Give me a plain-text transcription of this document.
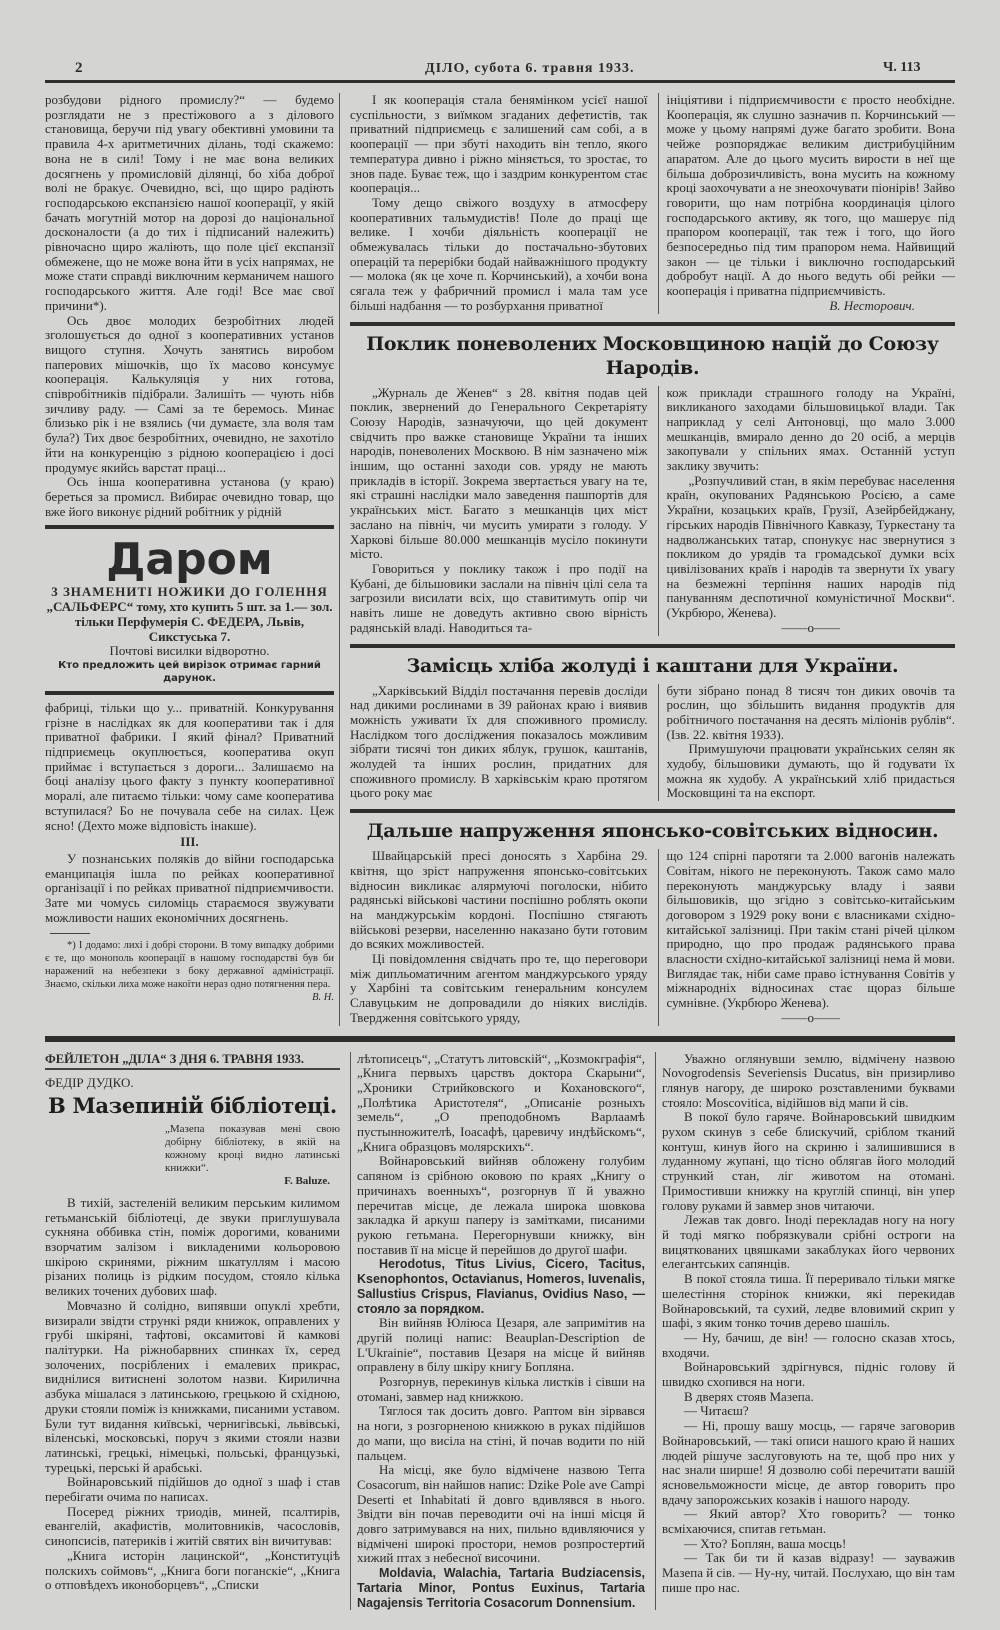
2	ДІЛО, субота 6. травня 1933.	Ч. 113

розбудови рідного промислу?“ — будемо розглядати не з престіжового а з ділового становища, беручи під увагу обективні умовини та правила 4-х аритметичних ділань, тоді скажемо: вона не в силі! Тому і не має вона великих досягнень у промисловій ділянці, бо хіба доброї волі не бракує. Очевидно, всі, що щиро радіють господарською експанзією нашої кооперації, у якій бачать могутній мотор на дорозі до національної досконалости (а до тих і підписаний належить) рівночасно щиро жаліють, що поле цієї експанзії обмежене, що не може вона йти в усіх напрямах, не може стати справді виключним керманичем нашого господарського життя. Але годі! Все має свої причини*).

Ось двоє молодих безробітних людей зголошується до одної з кооперативних установ вищого ступня. Хочуть занятись виробом паперових мішочків, що їх масово консумує кооперація. Калькуляція у них готова, співробітників підібрали. Залишіть — чують нібв зичливу раду. — Самі за те беремось. Минає близько рік і не взялись (чи думаєте, зла воля там була?) Тих двоє безробітних, очевидно, не захотіло йти на конкуренцію з рідною кооперацією і досі продумує якийсь варстат праці...

Ось інша кооперативна установа (у краю) береться за промисл. Вибирає очевидно товар, що вже його виконує рідний робітник у рідній

Даром
3 ЗНАМЕНИТІ НОЖИКИ ДО ГОЛЕННЯ
„САЛЬФЕРС“ тому, хто купить 5 шт. за 1.— зол.
тільки Перфумерія С. ФЕДЕРА, Львів,
Сикстуська 7.
Почтові висилки відворотно.
Кто предложить цей вирізок отримає гарний дарунок.

фабриці, тільки що у... приватній. Конкурування грізне в наслідках як для кооперативи так і для приватної фабрики. І який фінал? Приватний підприємець окуплюється, кооператива окуп приймає і вступається з дороги... Залишаємо на боці аналізу цього факту з пункту кооперативної моралі, але питаємо тільки: чому саме кооператива вступилася? Бо не почувала себе на силах. Цеж ясно! (Дехто може відповість інакше).

III.

У познанських поляків до війни господарська еманципація ішла по рейках кооперативної організації і по рейках приватної підприємчивости. Зате ми чомусь силоміць стараємося звужувати можливости наших економічних досягнень.

*) І додамо: лихі і добрі сторони. В тому випадку добрими є те, що монополь кооперації в нашому господарстві був би наражений на небезпеки з боку державної адміністрації. Знаємо, скільки лиха може накоїти нераз одно потягнення пера.

В. Н.

І як кооперація стала бенямінком усієї нашої суспільности, з виїмком згаданих дефетистів, так приватний підприємець є залишений сам собі, а в кооперації — при збуті находить він тепло, якого температура дивно і ріжно міняється, то зростає, то знов паде. Буває теж, що і заздрим конкурентом стає кооперація...

Тому дещо свіжого воздуху в атмосферу кооперативних тальмудистів! Поле до праці ще велике. І хочби діяльність кооперації не обмежувалась тільки до постачально-збутових операцій та перерібки бодай найважнішого продукту — молока (як це хоче п. Корчинський), а хочби вона сягала теж у фабричний промисл і мала там усе більші надбання — то розбурхання приватної

ініціятиви і підприємчивости є просто необхідне. Кооперація, як слушно зазначив п. Корчинський — може у цьому напрямі дуже багато зробити. Вона чейже розпоряджає великим дистрибуційним апаратом. Але до цього мусить вирости в неї ще більша доброзичливість, вона мусить на кожному кроці заохочувати а не знеохочувати піонірів! Зайво говорити, що нам потрібна координація цілого господарського активу, як того, що машерує під прапором кооперації, так теж і того, що його безпосередньо під тим прапором нема. Найвищий закон — це тільки і виключно господарський добробут нації. А до нього ведуть обі рейки — кооперація і приватна підприємчивість.

В. Несторович.
Поклик поневолених Московщиною націй до Союзу Народів.

„Журналь де Женев“ з 28. квітня подав цей поклик, звернений до Генерального Секретаріяту Союзу Народів, зазначуючи, що цей документ свідчить про важке становище України та інших народів, поневолених Москвою. В нім зазначено між іншим, що останні заходи сов. уряду не мають прикладів в історії. Зокрема звертається увагу на те, які страшні наслідки мало заведення пашпортів для українських міст. Багато з мешканців цих міст заслано на північ, чи мусить умирати з голоду. У Харкові більше 80.000 мешканців мусіло покинути місто.

Говориться у поклику також і про події на Кубані, де більшовики заслали на північ цілі села та загрозили висилати всіх, що ставитимуть опір чи навіть лише не доведуть активно свою вірність радянській владі. Наводиться та-

кож приклади страшного голоду на Україні, викликаного заходами більшовицької влади. Так наприклад у селі Антоновці, що мало 3.000 мешканців, вмирало денно до 20 осіб, а мерців закопували у спільних ямах. Останній уступ заклику звучить:

„Розпучливий стан, в якім перебуває населення країн, окупованих Радянською Росією, а саме України, козацьких країв, Грузії, Азейрбейджану, гірських народів Північного Кавказу, Туркестану та надволжанських татар, спонукує нас звернутися з покликом до урядів та громадської думки всіх цивілізованих країв і народів та звернути їх увагу на безмежні терпіння наших народів під пануванням деспотичної комуністичної Москви“. (Укрбюро, Женева).

——o——
Замісць хліба жолуді і каштани для України.

„Харківський Відділ постачання перевів досліди над дикими рослинами в 39 районах краю і виявив можність уживати їх для споживного промислу. Наслідком того досліджения показалось можливим зібрати тисячі тон диких яблук, грушок, каштанів, жолудей та інших рослин, придатних для споживного промислу. В харківськім краю протягом цього року має

бути зібрано понад 8 тисяч тон диких овочів та рослин, що збільшить видання продуктів для робітничого постачання на десять міліонів рублів“. (Ізв. 22. квітня 1933).

Примушуючи працювати українських селян як худобу, більшовики думають, що й годувати їх можна як худобу. А український хліб придасться Московщині та на експорт.

Дальше напруження японсько-совітських відносин.

Швайцарській пресі доносять з Харбіна 29. квітня, що зріст напруження японсько-совітських відносин викликає алярмуючі поголоски, нібито радянські військові частини поспішно роблять окопи на манджурськім кордоні. Поспішно стягають військові резерви, населенню наказано бути готовим до всяких можливостей.

Ці повідомлення свідчать про те, що переговори між дипльоматичним агентом манджурського уряду у Харбіні та совітським генеральним консулем Славуцьким не допровадили до ніяких вислідів. Твердження совітського уряду,

що 124 спірні паротяги та 2.000 вагонів належать Совітам, нікого не переконують. Також само мало переконують манджурську владу і заяви більшовиків, що згідно з совітсько-китайським договором з 1929 року вони є власниками східно-китайської залізниці. При такім стані річей цілком природно, що про продаж радянського права власности східно-китайської залізниці нема й мови. Виглядає так, ніби саме право істнування Совітів у міжнародніх відносинах стає щораз більше сумнівне. (Укрбюро Женева).

——o——
ФЕЙЛЕТОН „ДІЛА“ З ДНЯ 6. ТРАВНЯ 1933.
ФЕДІР ДУДКО.
В Мазепиній бібліотеці.

„Мазепа показував мені свою добірну бібліотеку, в якій на кожному кроці видно латинські книжки“.

F. Baluze.

В тихій, застеленій великим перським килимом гетьманській бібліотеці, де звуки приглушувала сукняна оббивка стін, поміж дорогими, кованими взорчатим залізом і викладеними кольоровою шкірою скринями, ріжним шкатуллям і масою різаних полиць із рідким посудом, стояло кілька великих точених дубових шаф.

Мовчазно й солідно, випявши опуклі хребти, визирали звідти стрункі ряди книжок, оправлених у грубі шкіряні, тафтові, оксамитові й камкові палітурки. На ріжнобарвних спинках їх, серед золочених, посріблених і емалевих прикрас, виднілися витиснені золотом назви. Кирилична азбука мішалася з латинською, грецькою й східною, друки стояли поміж із книжками, писаними уставом. Були тут видання київські, чернигівські, львівські, віленські, московські, поруч з якими стояли назви латинські, грецькі, німецькі, польські, французькі, турецькі, перські й арабські.

Войнаровський підійшов до одної з шаф і став перебігати очима по написах.

Посеред ріжних триодів, миней, псалтирів, евангелій, акафистів, молитовників, часословів, синопсисів, патериків і житій святих він вичитував:

„Книга исторін лацинской“, „Конституціѣ полскихъ соймовъ“, „Книга боги поганскіе“, „Книга о отповѣдехъ иконоборцевъ“, „Списки

лѣтописецъ“, „Статутъ литовскій“, „Козмокграфія“, „Книга первыхъ царствъ доктора Скарыни“, „Хроники Стрийковского и Кохановского“, „Полѣтика Аристотеля“, „Описаніе розныхъ земель“, „О преподобномъ Варлаамѣ пустынножителѣ, Іоасафѣ, царевичу индѣйскомъ“, „Книга образцовъ молярскихъ“.

Войнаровський вийняв обложену голубим сапяном із срібною оковою по краях „Книгу о причинахъ военныхъ“, розгорнув її й уважно перечитав місце, де лежала широка шовкова закладка й аркуш паперу із замітками, писаними рукою гетьмана. Перегорнувши книжку, він поставив її на місце й перейшов до другої шафи.

Herodotus, Titus Livius, Cicero, Tacitus, Ksenophontos, Octavianus, Homeros, Iuvenalis, Sallustius Crispus, Flavianus, Ovidius Naso, — стояло за порядком.

Він вийняв Юліюса Цезаря, але запримітив на другій полиці напис: Beauplan-Description de L'Ukrainie“, поставив Цезаря на місце й вийняв оправлену в білу шкіру книгу Бопляна.

Розгорнув, перекинув кілька листків і сівши на отомані, завмер над книжкою.

Тяглося так досить довго. Раптом він зірвався на ноги, з розгорненою книжкою в руках підійшов до мапи, що висіла на стіні, й почав водити по ній пальцем.

На місці, яке було відмічене назвою Terra Cosacorum, він найшов напис: Dzike Pole ave Campi Deserti et Inhabitati й довго вдивлявся в нього. Звідти він почав переводити очі на інші місця й довго затримувався на них, пильно вдивляючися у відмічені широкі простори, немов розпростертий хижий птах з небесної височини.

Moldavia, Walachia, Tartaria Budziacensis, Tartaria Minor, Pontus Euxinus, Tartaria Nagajensis Territoria Cosacorum Donnensium.

Уважно оглянувши землю, відмічену назвою Novogrodensis Severiensis Ducatus, він призирливо глянув нагору, де широко розставленими буквами стояло: Moscovitica, відійшов від мапи й сів.

В покої було гаряче. Войнаровський швидким рухом скинув з себе блискучий, сріблом тканий контуш, кинув його на скриню і залишившися в луданному жупані, що тісно облягав його молодий стрункий стан, ліг животом на отомані. Примостивши книжку на круглій спинці, він упер голову руками й завмер знов читаючи.

Лежав так довго. Іноді перекладав ногу на ногу й тоді мягко побрязкували срібні остроги на вицяткованих цвяшками закаблуках його червоних елегантських сапянців.

В покої стояла тиша. Її переривало тільки мягке шелестіння сторінок книжки, які перекидав Войнаровський, та сухий, ледве вловимий скрип у шафі, з яким тонко точив дерево шашіль.

— Ну, бачиш, де він! — голосно сказав хтось, входячи.

Войнаровський здрігнувся, підніс голову й швидко схопився на ноги.

В дверях стояв Мазепа.

— Читаєш?

— Ні, прошу вашу мосць, — гаряче заговорив Войнаровський, — такі описи нашого краю й наших людей рішуче заслуговують на те, щоб про них у нас знали ширше! Я дозволю собі перечитати вашій ясновельможности місце, де автор говорить про вдачу запорожських козаків і нашого народу.

— Який автор? Хто говорить? — тонко всміхаючися, спитав гетьман.

— Хто? Боплян, ваша мосць!

— Так би ти й казав відразу! — зауважив Мазепа й сів. — Ну-ну, читай. Послухаю, що він там пише про нас.
